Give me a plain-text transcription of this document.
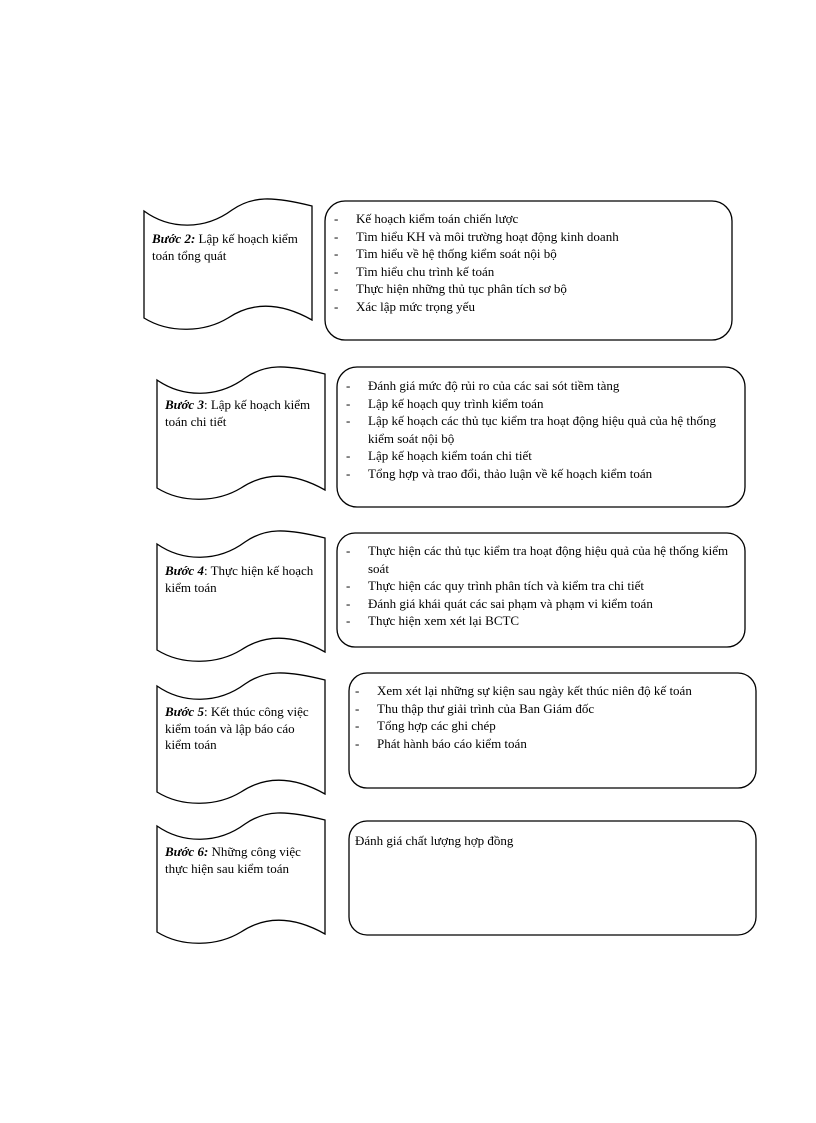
Bước 2: Lập kế hoạch kiểm toán tổng quát
- Kế hoạch kiểm toán chiến lược
- Tìm hiểu KH và môi trường hoạt động kinh doanh
- Tìm hiểu về hệ thống kiểm soát nội bộ
- Tìm hiểu chu trình kế toán
- Thực hiện những thủ tục phân tích sơ bộ
- Xác lập mức trọng yếu
Bước 3: Lập kế hoạch kiểm toán chi tiết
- Đánh giá mức độ rủi ro của các sai sót tiềm tàng
- Lập kế hoạch quy trình kiểm toán
- Lập kế hoạch các thủ tục kiểm tra hoạt động hiệu quả của hệ thống kiểm soát nội bộ
- Lập kế hoạch kiểm toán chi tiết
- Tổng hợp và trao đổi, thảo luận về kế hoạch kiểm toán
Bước 4: Thực hiện kế hoạch kiểm toán
- Thực hiện các thủ tục kiểm tra hoạt động hiệu quả của hệ thống kiểm soát
- Thực hiện các quy trình phân tích và kiểm tra chi tiết
- Đánh giá khái quát các sai phạm và phạm vi kiểm toán
- Thực hiện xem xét lại BCTC
Bước 5: Kết thúc công việc kiểm toán và lập báo cáo kiểm toán
- Xem xét lại những sự kiện sau ngày kết thúc niên độ kế toán
- Thu thập thư giải trình của Ban Giám đốc
- Tổng hợp các ghi chép
- Phát hành báo cáo kiểm toán
Bước 6: Những công việc thực hiện sau kiểm toán
Đánh giá chất lượng hợp đồng
